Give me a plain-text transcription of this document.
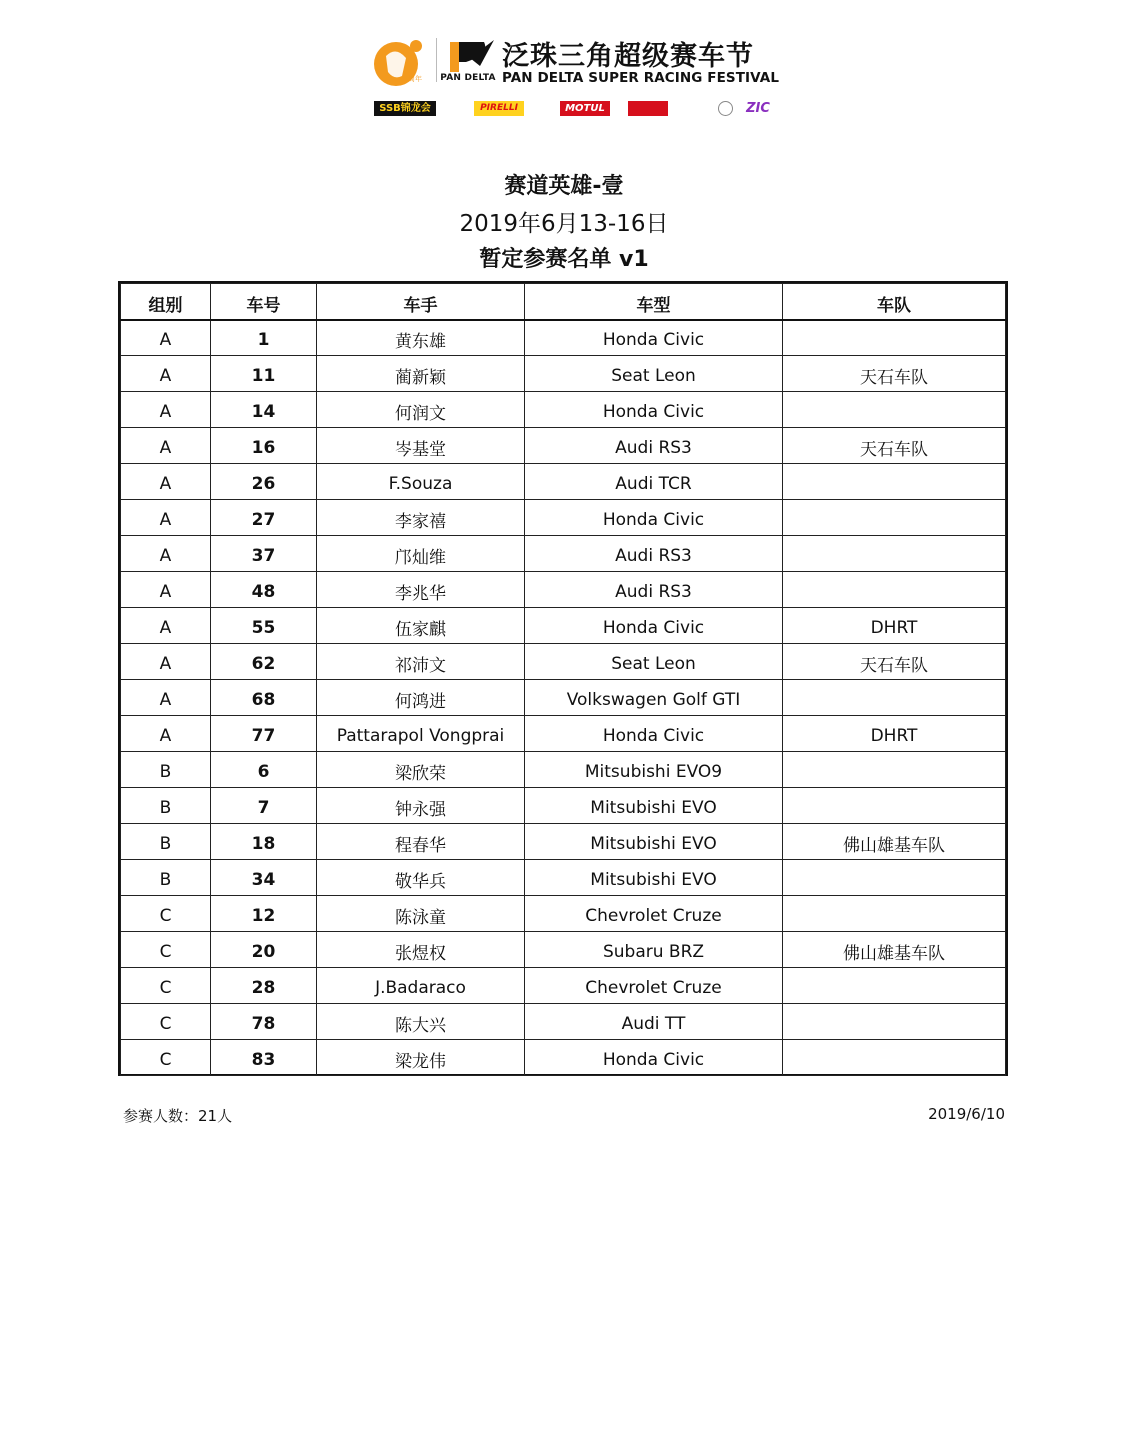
周年 PAN DELTA
泛珠三角超级赛车节
PAN DELTA SUPER RACING FESTIVAL
SSB锦龙会	PIRELLI	MOTUL	ZIC
赛道英雄-壹
2019年6月13-16日
暂定参赛名单 v1
组别	车号	车手	车型	车队
A	1	黄东雄	Honda Civic	
A	11	蔺新颖	Seat Leon	天石车队
A	14	何润文	Honda Civic	
A	16	岑基堂	Audi RS3	天石车队
A	26	F.Souza	Audi TCR	
A	27	李家禧	Honda Civic	
A	37	邝灿维	Audi RS3	
A	48	李兆华	Audi RS3	
A	55	伍家麒	Honda Civic	DHRT
A	62	祁沛文	Seat Leon	天石车队
A	68	何鸿进	Volkswagen Golf GTI	
A	77	Pattarapol Vongprai	Honda Civic	DHRT
B	6	梁欣荣	Mitsubishi EVO9	
B	7	钟永强	Mitsubishi EVO	
B	18	程春华	Mitsubishi EVO	佛山雄基车队
B	34	敬华兵	Mitsubishi EVO	
C	12	陈泳童	Chevrolet Cruze	
C	20	张煜权	Subaru BRZ	佛山雄基车队
C	28	J.Badaraco	Chevrolet Cruze	
C	78	陈大兴	Audi TT	
C	83	梁龙伟	Honda Civic	
参赛人数：21人	2019/6/10
